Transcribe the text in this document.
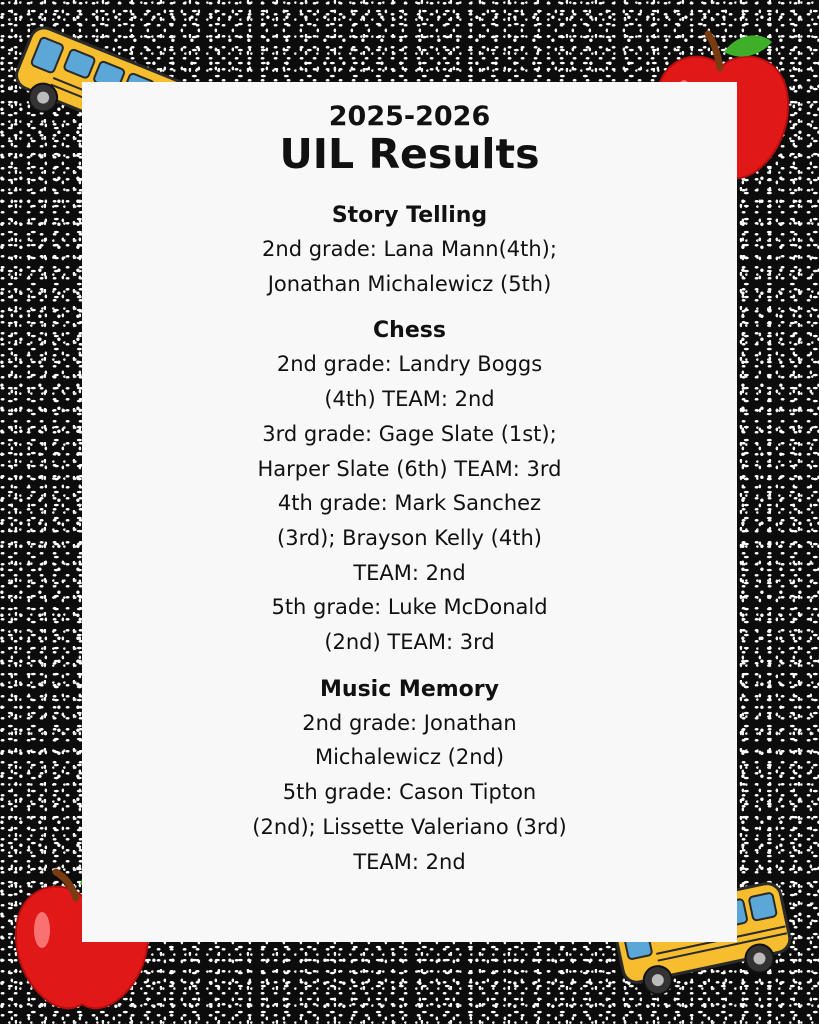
2025-2026
UIL Results
Story Telling
2nd grade: Lana Mann(4th);
Jonathan Michalewicz (5th)
Chess
2nd grade: Landry Boggs
(4th) TEAM: 2nd
3rd grade: Gage Slate (1st);
Harper Slate (6th) TEAM: 3rd
4th grade: Mark Sanchez
(3rd); Brayson Kelly (4th)
TEAM: 2nd
5th grade: Luke McDonald
(2nd) TEAM: 3rd
Music Memory
2nd grade: Jonathan
Michalewicz (2nd)
5th grade: Cason Tipton
(2nd); Lissette Valeriano (3rd)
TEAM: 2nd
